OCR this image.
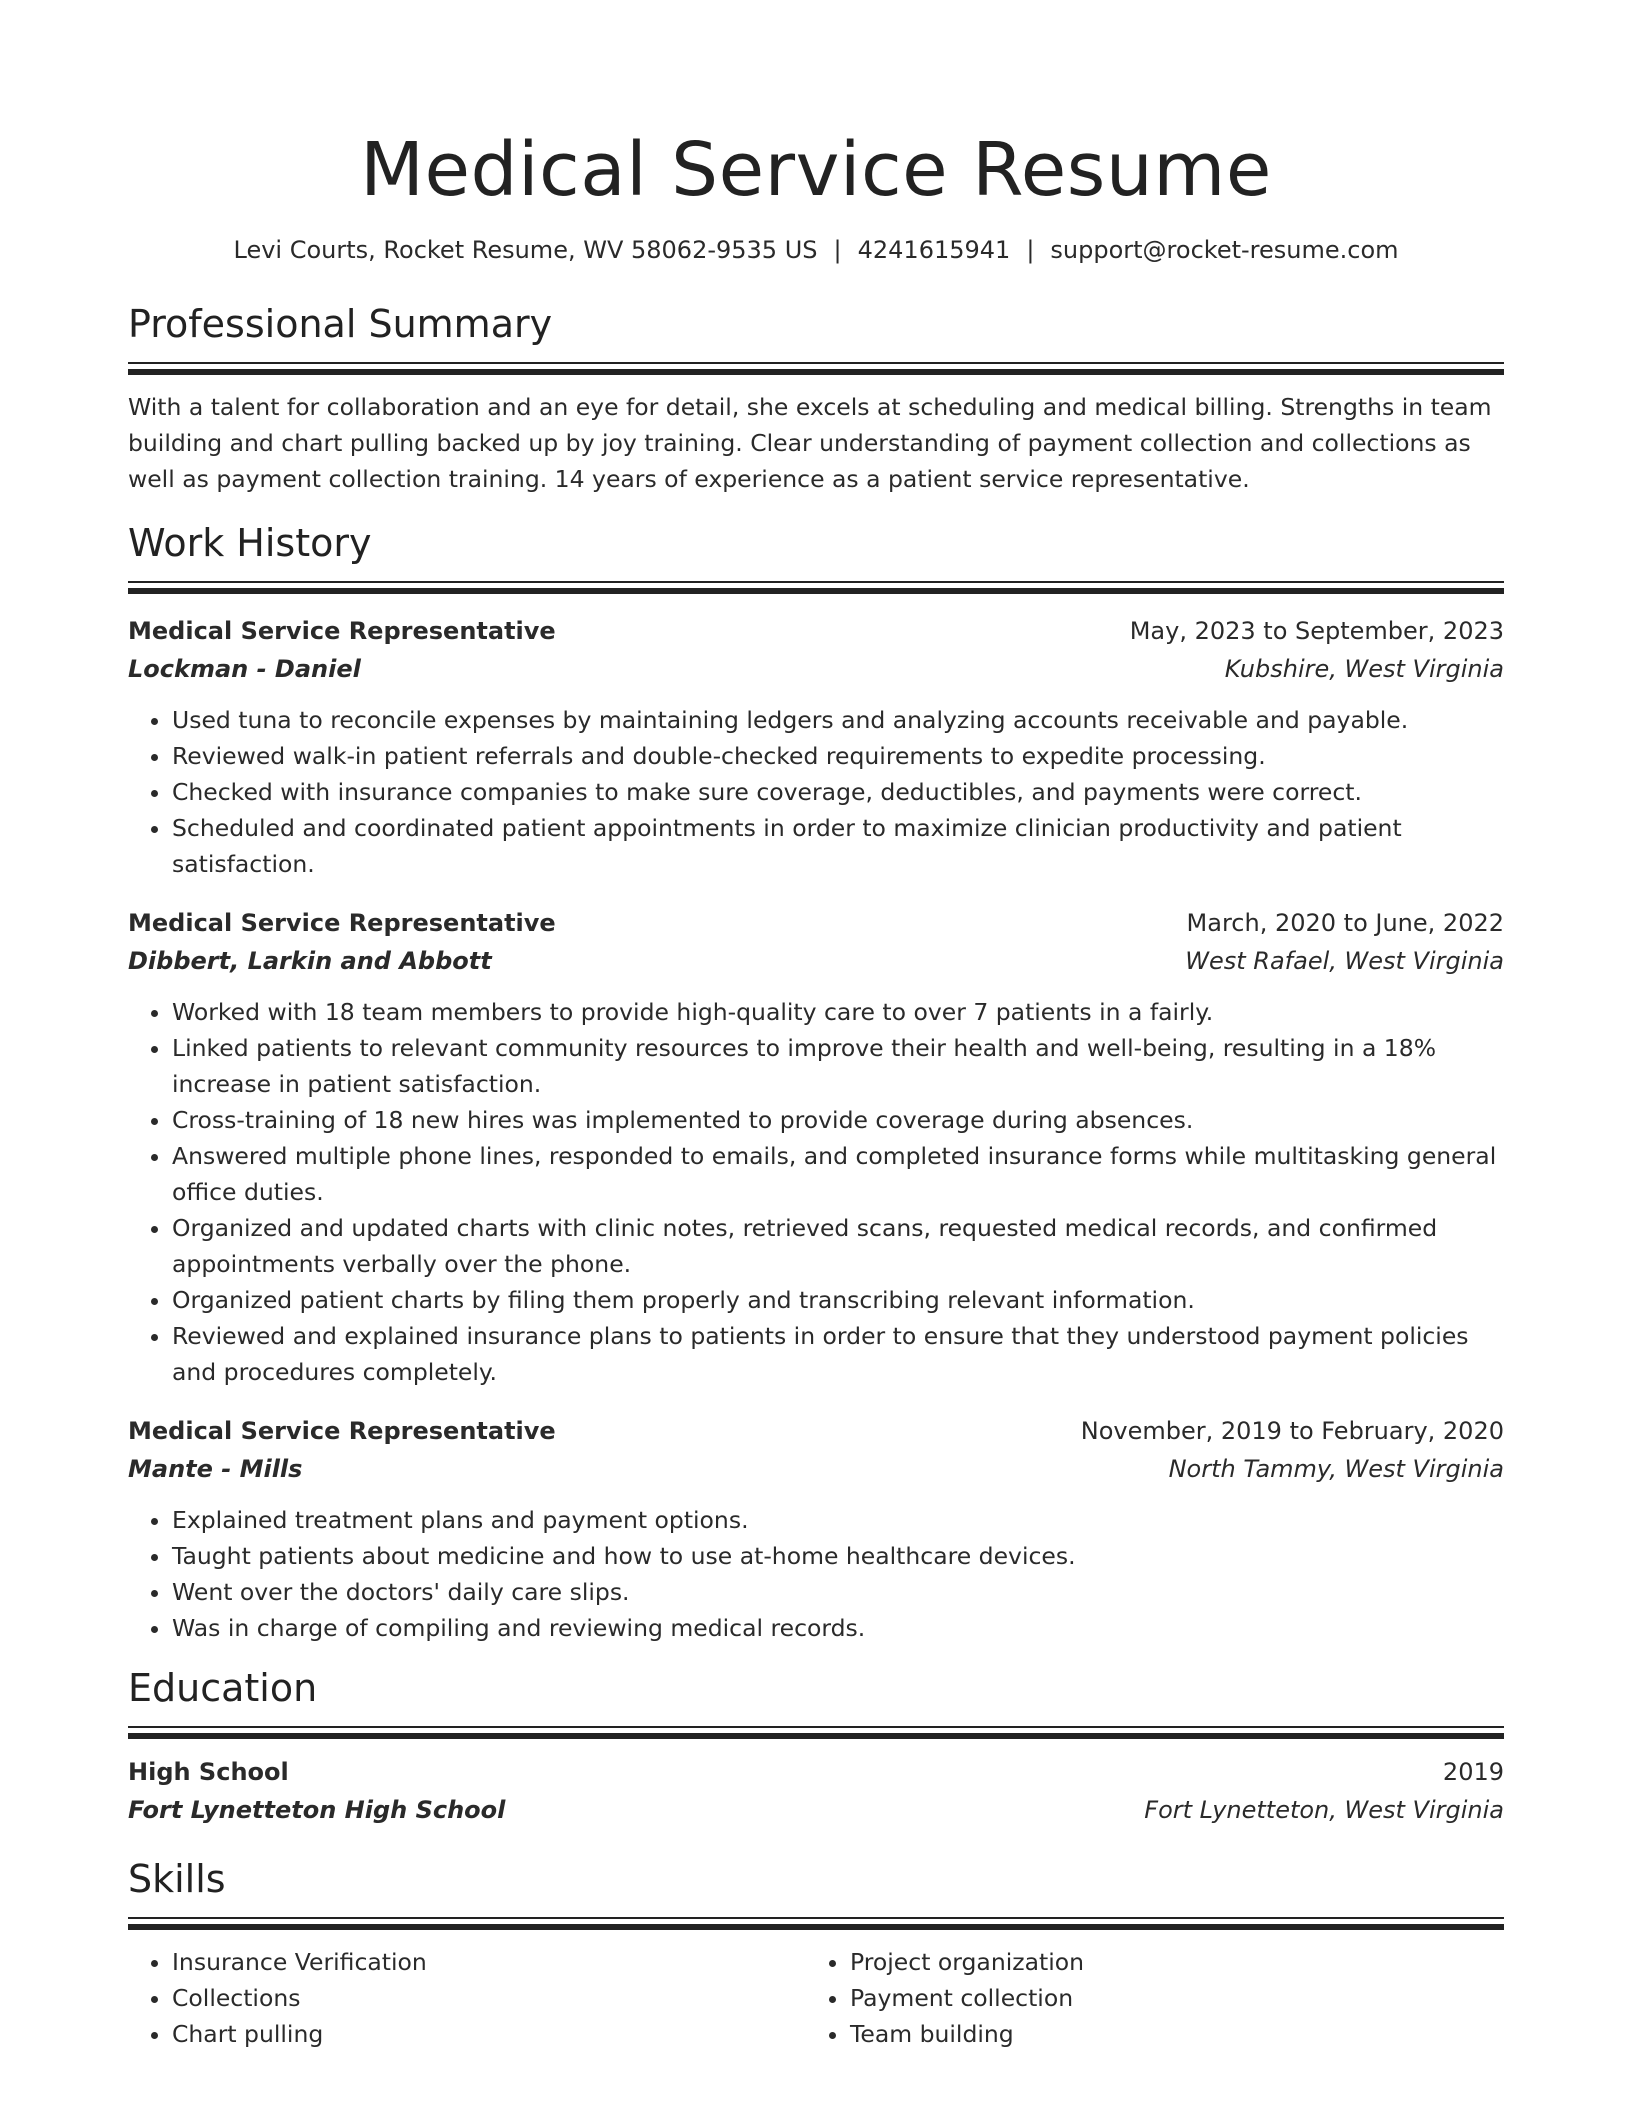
Medical Service Resume
Levi Courts, Rocket Resume, WV 58062-9535 US | 4241615941 | support@rocket-resume.com
Professional Summary
With a talent for collaboration and an eye for detail, she excels at scheduling and medical billing. Strengths in team building and chart pulling backed up by joy training. Clear understanding of payment collection and collections as well as payment collection training. 14 years of experience as a patient service representative.
Work History
Medical Service Representative	May, 2023 to September, 2023
Lockman - Daniel	Kubshire, West Virginia
• Used tuna to reconcile expenses by maintaining ledgers and analyzing accounts receivable and payable.
• Reviewed walk-in patient referrals and double-checked requirements to expedite processing.
• Checked with insurance companies to make sure coverage, deductibles, and payments were correct.
• Scheduled and coordinated patient appointments in order to maximize clinician productivity and patient satisfaction.
Medical Service Representative	March, 2020 to June, 2022
Dibbert, Larkin and Abbott	West Rafael, West Virginia
• Worked with 18 team members to provide high-quality care to over 7 patients in a fairly.
• Linked patients to relevant community resources to improve their health and well-being, resulting in a 18% increase in patient satisfaction.
• Cross-training of 18 new hires was implemented to provide coverage during absences.
• Answered multiple phone lines, responded to emails, and completed insurance forms while multitasking general office duties.
• Organized and updated charts with clinic notes, retrieved scans, requested medical records, and confirmed appointments verbally over the phone.
• Organized patient charts by filing them properly and transcribing relevant information.
• Reviewed and explained insurance plans to patients in order to ensure that they understood payment policies and procedures completely.
Medical Service Representative	November, 2019 to February, 2020
Mante - Mills	North Tammy, West Virginia
• Explained treatment plans and payment options.
• Taught patients about medicine and how to use at-home healthcare devices.
• Went over the doctors' daily care slips.
• Was in charge of compiling and reviewing medical records.
Education
High School	2019
Fort Lynetteton High School	Fort Lynetteton, West Virginia
Skills
• Insurance Verification
• Collections
• Chart pulling
• Project organization
• Payment collection
• Team building
